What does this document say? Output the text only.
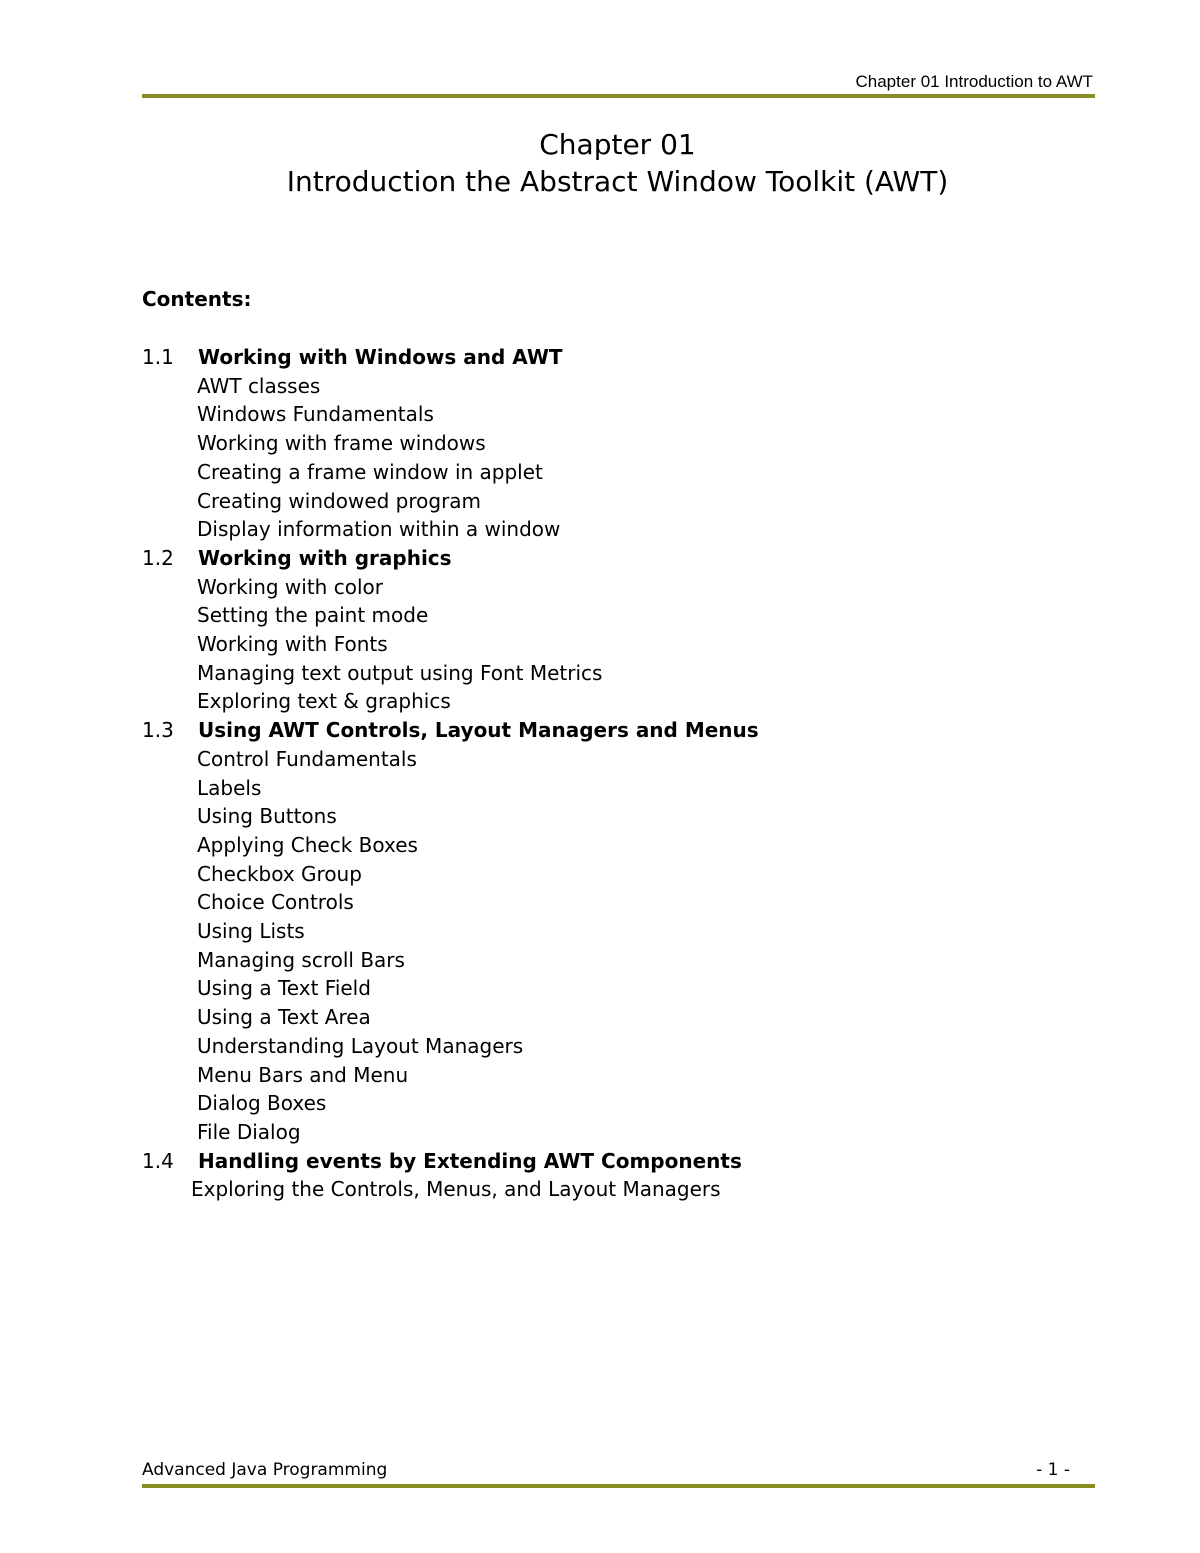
Chapter 01 Introduction to AWT
Chapter 01
Introduction the Abstract Window Toolkit (AWT)
Contents:
1.1 Working with Windows and AWT
AWT classes
Windows Fundamentals
Working with frame windows
Creating a frame window in applet
Creating windowed program
Display information within a window
1.2 Working with graphics
Working with color
Setting the paint mode
Working with Fonts
Managing text output using Font Metrics
Exploring text & graphics
1.3 Using AWT Controls, Layout Managers and Menus
Control Fundamentals
Labels
Using Buttons
Applying Check Boxes
Checkbox Group
Choice Controls
Using Lists
Managing scroll Bars
Using a Text Field
Using a Text Area
Understanding Layout Managers
Menu Bars and Menu
Dialog Boxes
File Dialog
1.4 Handling events by Extending AWT Components
Exploring the Controls, Menus, and Layout Managers
Advanced Java Programming	- 1 -
